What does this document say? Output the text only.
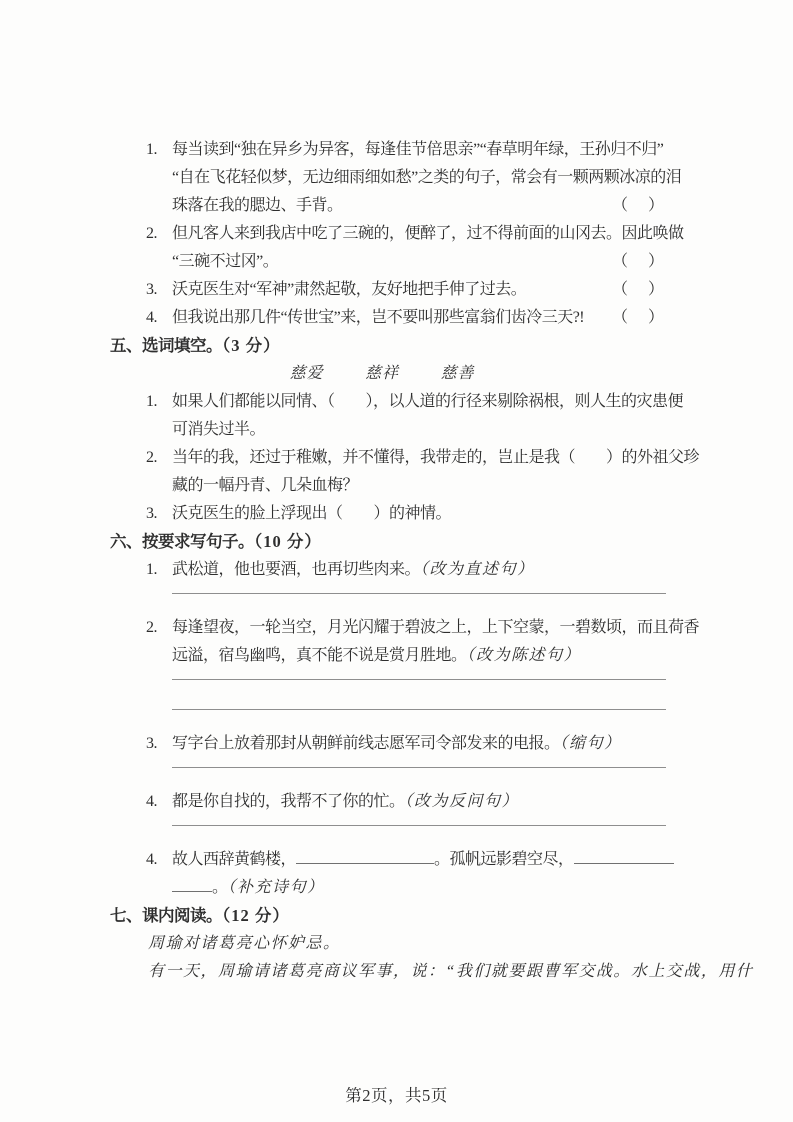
1. 每当读到“独在异乡为异客，每逢佳节倍思亲”“春草明年绿，王孙归不归”
“自在飞花轻似梦，无边细雨细如愁”之类的句子，常会有一颗两颗冰凉的泪
珠落在我的腮边、手背。	（　）
2. 但凡客人来到我店中吃了三碗的，便醉了，过不得前面的山冈去。因此唤做
“三碗不过冈”。	（　）
3. 沃克医生对“军神”肃然起敬，友好地把手伸了过去。	（　）
4. 但我说出那几件“传世宝”来，岂不要叫那些富翁们齿冷三天?! （　）
五、选词填空。（3 分）
慈爱	慈祥	慈善
1. 如果人们都能以同情、（　　），以人道的行径来剔除祸根，则人生的灾患便
可消失过半。
2. 当年的我，还过于稚嫩，并不懂得，我带走的，岂止是我（　　）的外祖父珍
藏的一幅丹青、几朵血梅？
3. 沃克医生的脸上浮现出（　　）的神情。
六、按要求写句子。（10 分）
1. 武松道，他也要酒，也再切些肉来。（改为直述句）
2. 每逢望夜，一轮当空，月光闪耀于碧波之上，上下空蒙，一碧数顷，而且荷香
远溢，宿鸟幽鸣，真不能不说是赏月胜地。（改为陈述句）
3. 写字台上放着那封从朝鲜前线志愿军司令部发来的电报。（缩句）
4. 都是你自找的，我帮不了你的忙。（改为反问句）
4. 故人西辞黄鹤楼，	。孤帆远影碧空尽，
。（补充诗句）
七、课内阅读。（12 分）
周瑜对诸葛亮心怀妒忌。
有一天，周瑜请诸葛亮商议军事，说：“我们就要跟曹军交战。水上交战，用什
第2页，共5页
